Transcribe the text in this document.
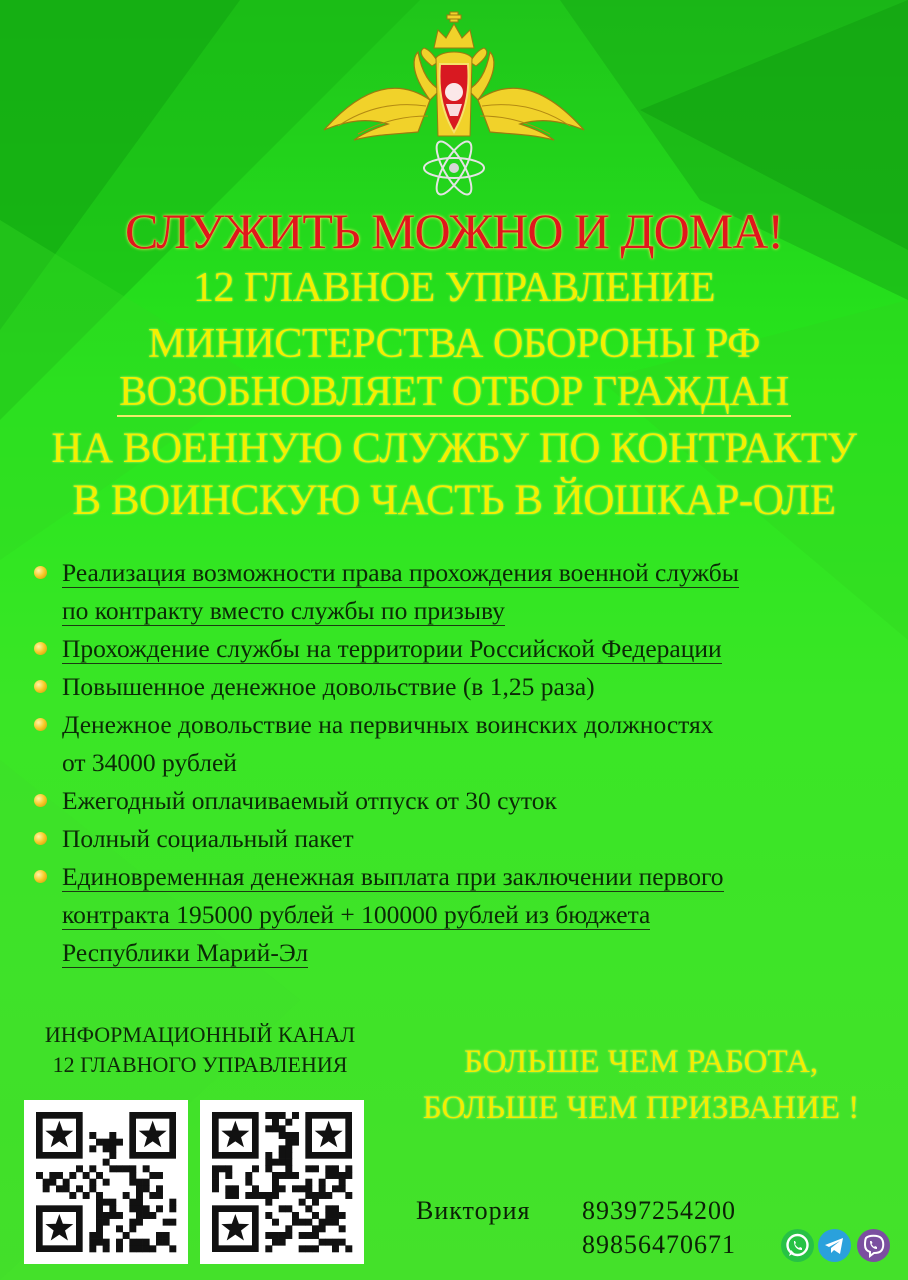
СЛУЖИТЬ МОЖНО И ДОМА!
12 ГЛАВНОЕ УПРАВЛЕНИЕ
МИНИСТЕРСТВА ОБОРОНЫ РФ
ВОЗОБНОВЛЯЕТ ОТБОР ГРАЖДАН
НА ВОЕННУЮ СЛУЖБУ ПО КОНТРАКТУ
В ВОИНСКУЮ ЧАСТЬ В ЙОШКАР-ОЛЕ
Реализация возможности права прохождения военной службы
по контракту вместо службы по призыву
Прохождение службы на территории Российской Федерации
Повышенное денежное довольствие (в 1,25 раза)
Денежное довольствие на первичных воинских должностях
от 34000 рублей
Ежегодный оплачиваемый отпуск от 30 суток
Полный социальный пакет
Единовременная денежная выплата при заключении первого
контракта 195000 рублей + 100000 рублей из бюджета
Республики Марий-Эл
ИНФОРМАЦИОННЫЙ КАНАЛ
12 ГЛАВНОГО УПРАВЛЕНИЯ	БОЛЬШЕ ЧЕМ РАБОТА,
БОЛЬШЕ ЧЕМ ПРИЗВАНИЕ !
Виктория 89397254200
89856470671
